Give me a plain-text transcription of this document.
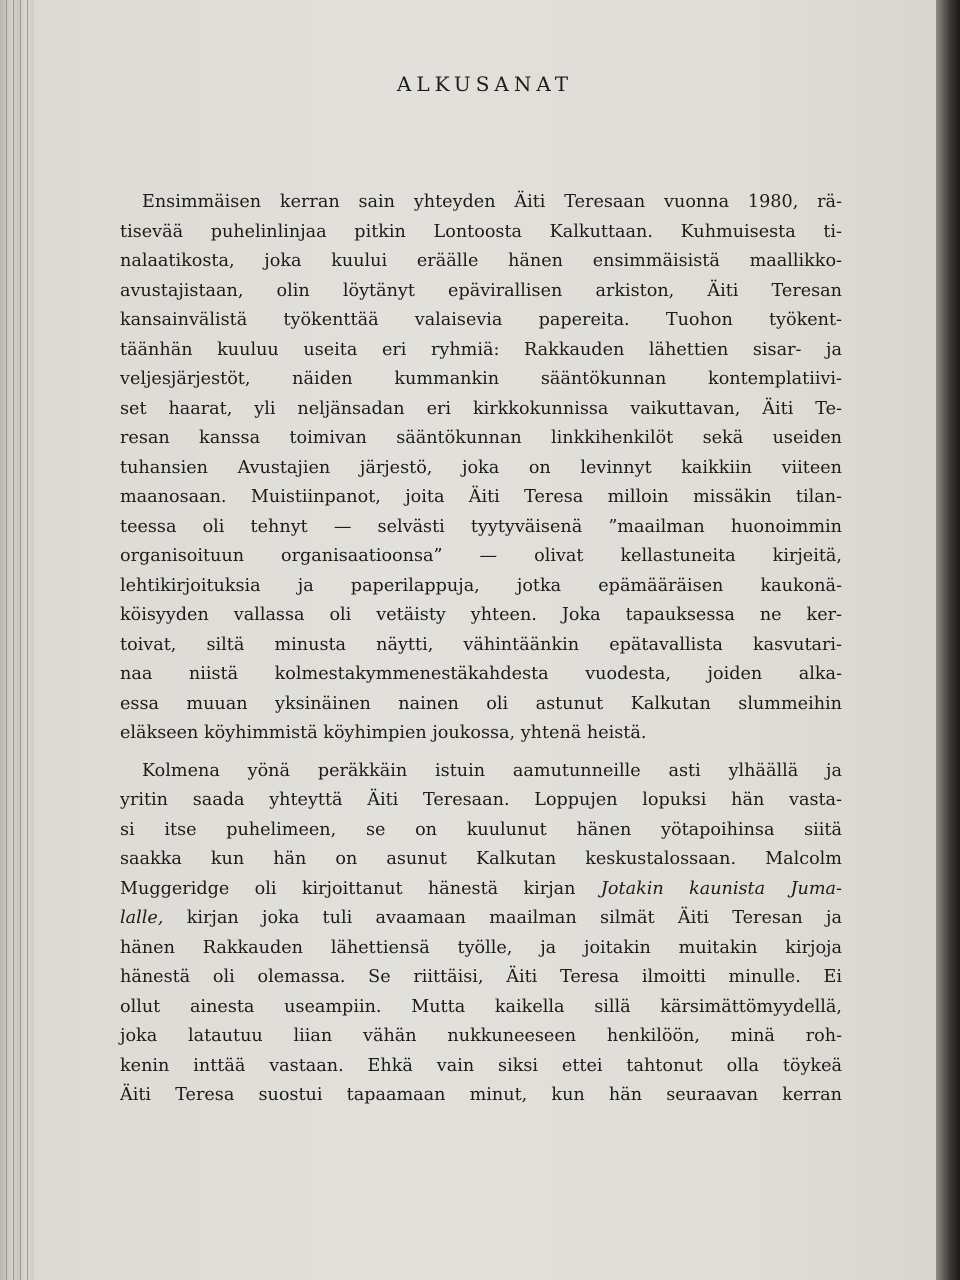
ALKUSANAT
Ensimmäisen kerran sain yhteyden Äiti Teresaan vuonna 1980, rä-
tisevää puhelinlinjaa pitkin Lontoosta Kalkuttaan. Kuhmuisesta ti-
nalaatikosta, joka kuului eräälle hänen ensimmäisistä maallikko-
avustajistaan, olin löytänyt epävirallisen arkiston, Äiti Teresan
kansainvälistä työkenttää valaisevia papereita. Tuohon työkent-
täänhän kuuluu useita eri ryhmiä: Rakkauden lähettien sisar- ja
veljesjärjestöt, näiden kummankin sääntökunnan kontemplatiivi-
set haarat, yli neljänsadan eri kirkkokunnissa vaikuttavan, Äiti Te-
resan kanssa toimivan sääntökunnan linkkihenkilöt sekä useiden
tuhansien Avustajien järjestö, joka on levinnyt kaikkiin viiteen
maanosaan. Muistiinpanot, joita Äiti Teresa milloin missäkin tilan-
teessa oli tehnyt — selvästi tyytyväisenä ”maailman huonoimmin
organisoituun organisaatioonsa” — olivat kellastuneita kirjeitä,
lehtikirjoituksia ja paperilappuja, jotka epämääräisen kaukonä-
köisyyden vallassa oli vetäisty yhteen. Joka tapauksessa ne ker-
toivat, siltä minusta näytti, vähintäänkin epätavallista kasvutari-
naa niistä kolmestakymmenestäkahdesta vuodesta, joiden alka-
essa muuan yksinäinen nainen oli astunut Kalkutan slummeihin
eläkseen köyhimmistä köyhimpien joukossa, yhtenä heistä.
Kolmena yönä peräkkäin istuin aamutunneille asti ylhäällä ja
yritin saada yhteyttä Äiti Teresaan. Loppujen lopuksi hän vasta-
si itse puhelimeen, se on kuulunut hänen yötapoihinsa siitä
saakka kun hän on asunut Kalkutan keskustalossaan. Malcolm
Muggeridge oli kirjoittanut hänestä kirjan Jotakin kaunista Juma-
lalle, kirjan joka tuli avaamaan maailman silmät Äiti Teresan ja
hänen Rakkauden lähettiensä työlle, ja joitakin muitakin kirjoja
hänestä oli olemassa. Se riittäisi, Äiti Teresa ilmoitti minulle. Ei
ollut ainesta useampiin. Mutta kaikella sillä kärsimättömyydellä,
joka latautuu liian vähän nukkuneeseen henkilöön, minä roh-
kenin inttää vastaan. Ehkä vain siksi ettei tahtonut olla töykeä
Äiti Teresa suostui tapaamaan minut, kun hän seuraavan kerran
